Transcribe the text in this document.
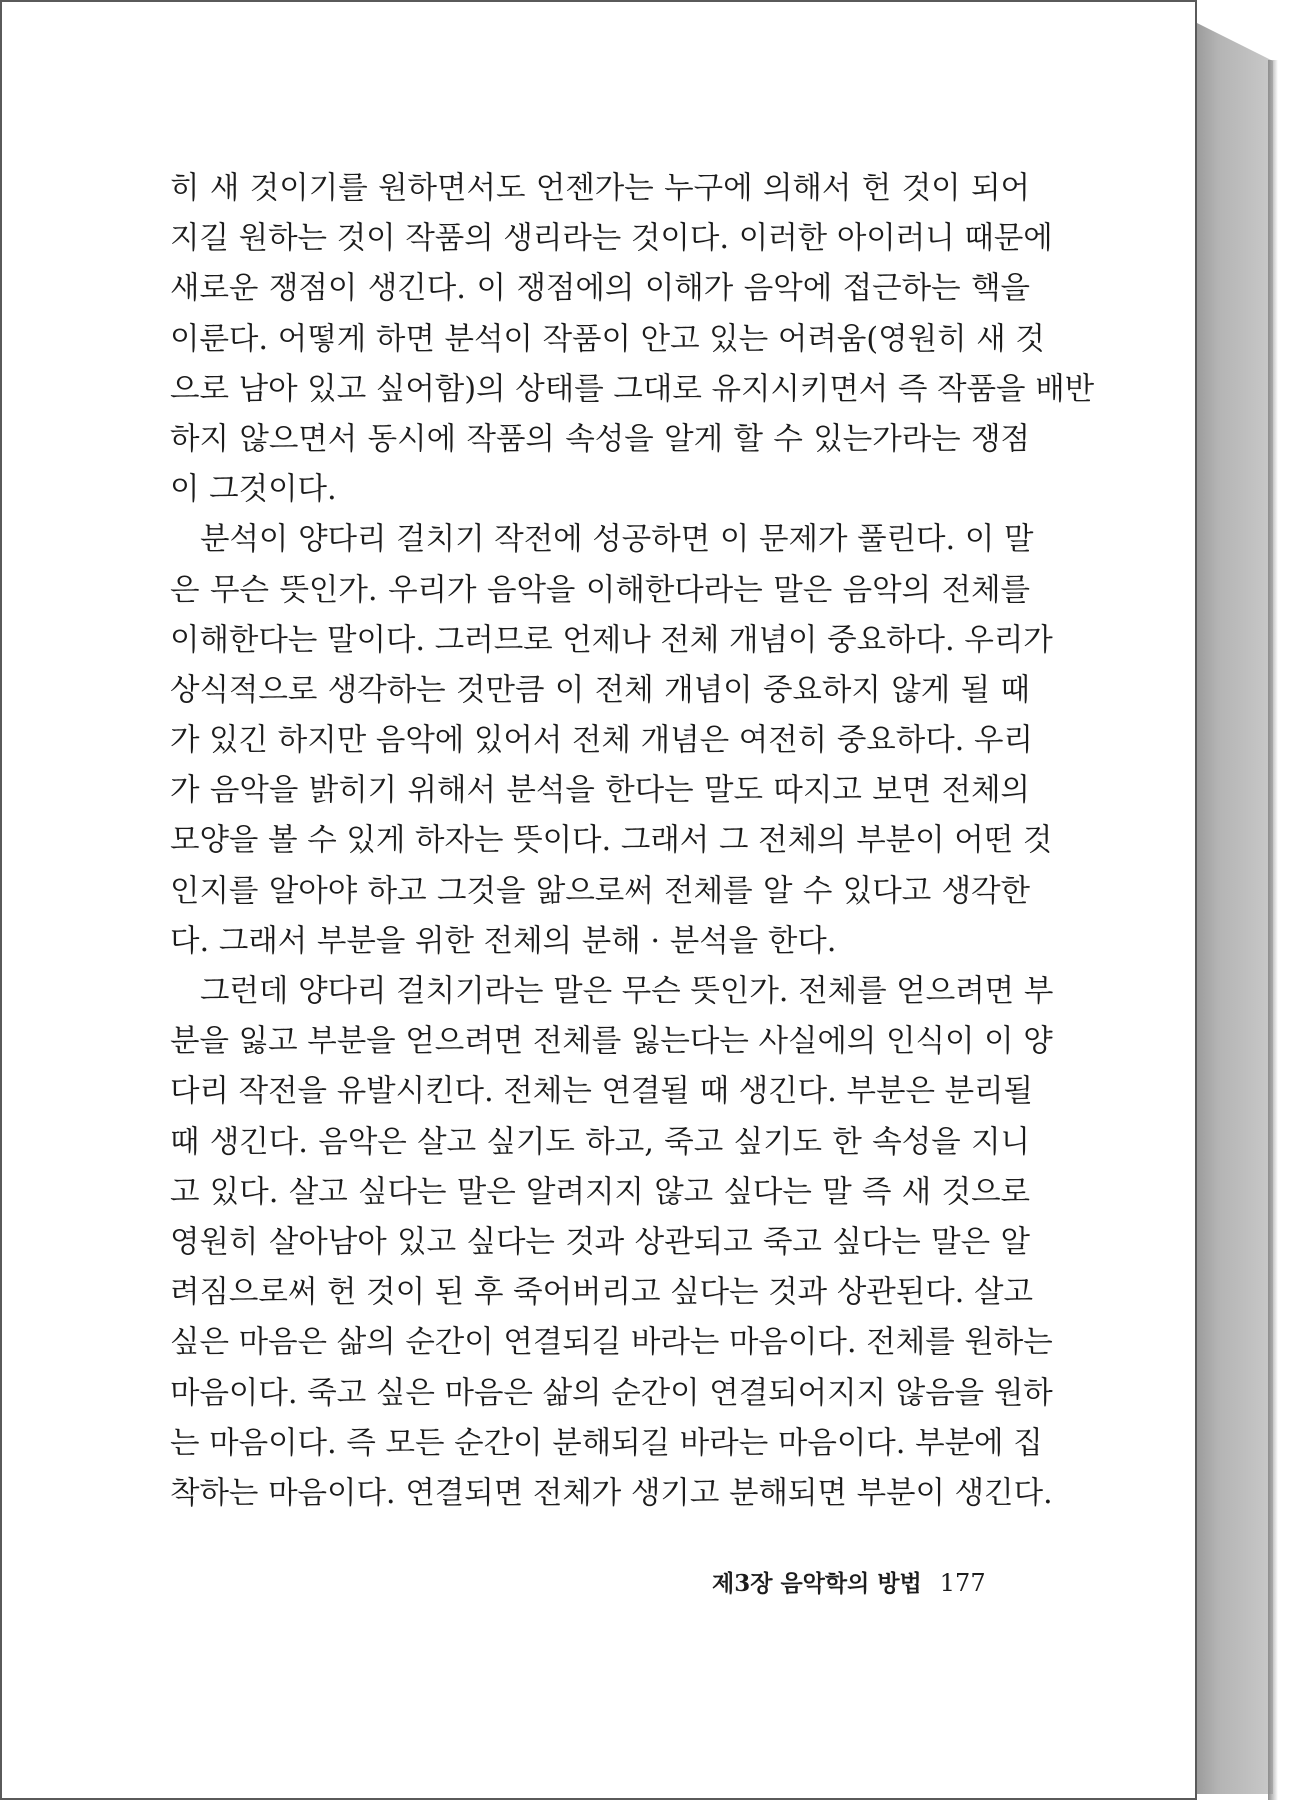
히 새 것이기를 원하면서도 언젠가는 누구에 의해서 헌 것이 되어
지길 원하는 것이 작품의 생리라는 것이다. 이러한 아이러니 때문에
새로운 쟁점이 생긴다. 이 쟁점에의 이해가 음악에 접근하는 핵을
이룬다. 어떻게 하면 분석이 작품이 안고 있는 어려움(영원히 새 것
으로 남아 있고 싶어함)의 상태를 그대로 유지시키면서 즉 작품을 배반
하지 않으면서 동시에 작품의 속성을 알게 할 수 있는가라는 쟁점
이 그것이다.
분석이 양다리 걸치기 작전에 성공하면 이 문제가 풀린다. 이 말
은 무슨 뜻인가. 우리가 음악을 이해한다라는 말은 음악의 전체를
이해한다는 말이다. 그러므로 언제나 전체 개념이 중요하다. 우리가
상식적으로 생각하는 것만큼 이 전체 개념이 중요하지 않게 될 때
가 있긴 하지만 음악에 있어서 전체 개념은 여전히 중요하다. 우리
가 음악을 밝히기 위해서 분석을 한다는 말도 따지고 보면 전체의
모양을 볼 수 있게 하자는 뜻이다. 그래서 그 전체의 부분이 어떤 것
인지를 알아야 하고 그것을 앎으로써 전체를 알 수 있다고 생각한
다. 그래서 부분을 위한 전체의 분해 · 분석을 한다.
그런데 양다리 걸치기라는 말은 무슨 뜻인가. 전체를 얻으려면 부
분을 잃고 부분을 얻으려면 전체를 잃는다는 사실에의 인식이 이 양
다리 작전을 유발시킨다. 전체는 연결될 때 생긴다. 부분은 분리될
때 생긴다. 음악은 살고 싶기도 하고, 죽고 싶기도 한 속성을 지니
고 있다. 살고 싶다는 말은 알려지지 않고 싶다는 말 즉 새 것으로
영원히 살아남아 있고 싶다는 것과 상관되고 죽고 싶다는 말은 알
려짐으로써 헌 것이 된 후 죽어버리고 싶다는 것과 상관된다. 살고
싶은 마음은 삶의 순간이 연결되길 바라는 마음이다. 전체를 원하는
마음이다. 죽고 싶은 마음은 삶의 순간이 연결되어지지 않음을 원하
는 마음이다. 즉 모든 순간이 분해되길 바라는 마음이다. 부분에 집
착하는 마음이다. 연결되면 전체가 생기고 분해되면 부분이 생긴다.
제3장 음악학의 방법 177
